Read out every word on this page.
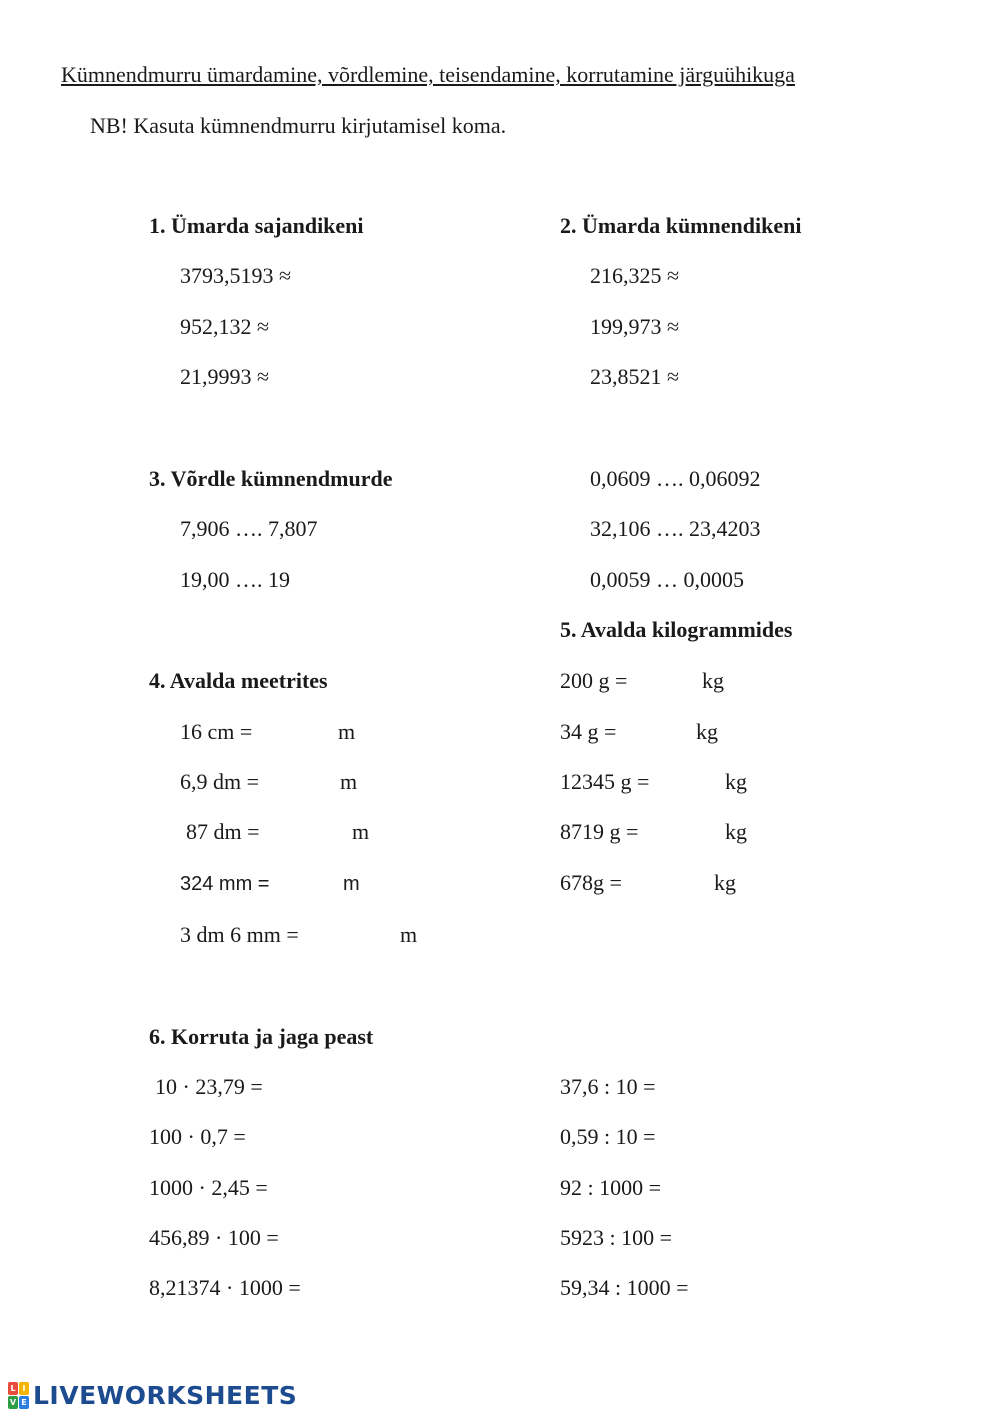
Kümnendmurru ümardamine, võrdlemine, teisendamine, korrutamine järguühikuga
NB! Kasuta kümnendmurru kirjutamisel koma.
1. Ümarda sajandikeni
3793,5193 ≈
952,132 ≈
21,9993 ≈
2. Ümarda kümnendikeni
216,325 ≈
199,973 ≈
23,8521 ≈
3. Võrdle kümnendmurde
7,906 …. 7,807
19,00 …. 19
0,0609 …. 0,06092
32,106 …. 23,4203
0,0059 … 0,0005
4. Avalda meetrites
16 cm =	m
6,9 dm =	m
87 dm =	m
324 mm =	m
3 dm 6 mm =	m
5. Avalda kilogrammides
200 g =	kg
34 g =	kg
12345 g =	kg
8719 g =	kg
678g =	kg
6. Korruta ja jaga peast
10 · 23,79 =
100 · 0,7 =
1000 · 2,45 =
456,89 · 100 =
8,21374 · 1000 =
37,6 : 10 =
0,59 : 10 =
92 : 1000 =
5923 : 100 =
59,34 : 1000 =
L I
V E LIVEWORKSHEETS
